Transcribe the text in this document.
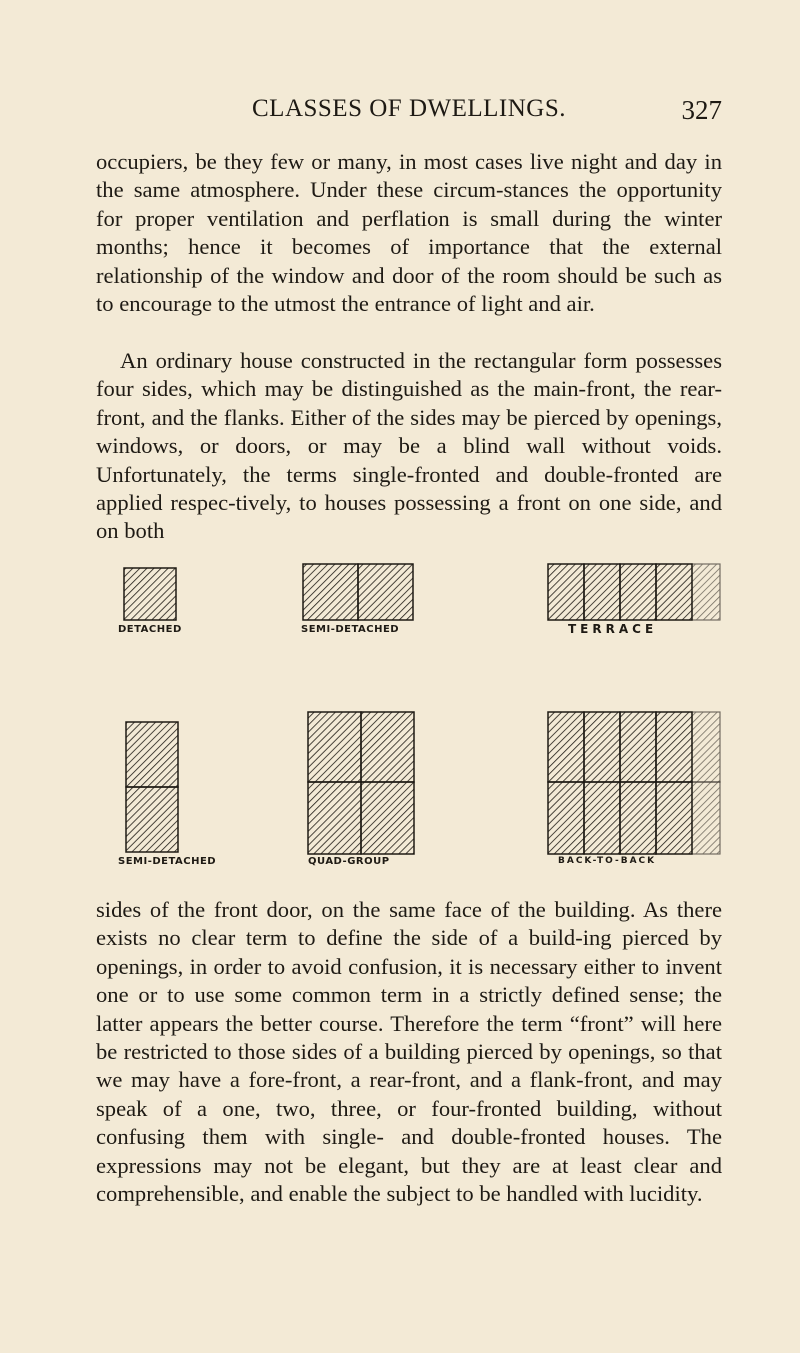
CLASSES OF DWELLINGS.	327

occupiers, be they few or many, in most cases live night and day in the same atmosphere. Under these circum-stances the opportunity for proper ventilation and perflation is small during the winter months; hence it becomes of importance that the external relationship of the window and door of the room should be such as to encourage to the utmost the entrance of light and air.

An ordinary house constructed in the rectangular form possesses four sides, which may be distinguished as the main-front, the rear-front, and the flanks. Either of the sides may be pierced by openings, windows, or doors, or may be a blind wall without voids. Unfortunately, the terms single-fronted and double-fronted are applied respec-tively, to houses possessing a front on one side, and on both

DETACHED	SEMI-DETACHED	TERRACE
SEMI-DETACHED	QUAD-GROUP	BACK-TO-BACK

sides of the front door, on the same face of the building. As there exists no clear term to define the side of a build-ing pierced by openings, in order to avoid confusion, it is necessary either to invent one or to use some common term in a strictly defined sense; the latter appears the better course. Therefore the term “front” will here be restricted to those sides of a building pierced by openings, so that we may have a fore-front, a rear-front, and a flank-front, and may speak of a one, two, three, or four-fronted building, without confusing them with single- and double-fronted houses. The expressions may not be elegant, but they are at least clear and comprehensible, and enable the subject to be handled with lucidity.
